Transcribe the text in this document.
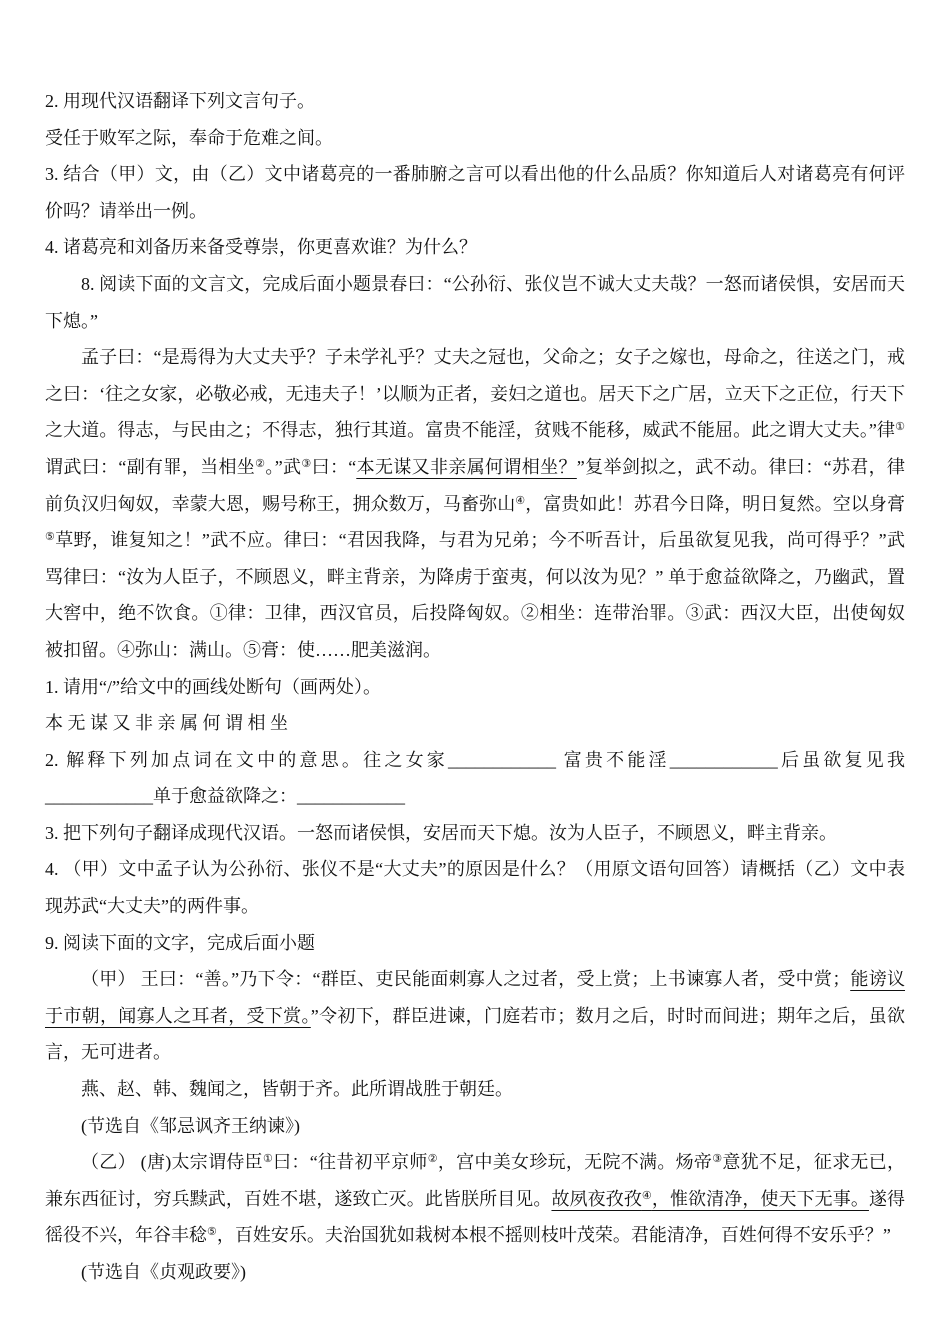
2. 用现代汉语翻译下列文言句子。

受任于败军之际，奉命于危难之间。

3. 结合（甲）文，由（乙）文中诸葛亮的一番肺腑之言可以看出他的什么品质？你知道后人对诸葛亮有何评价吗？请举出一例。

4. 诸葛亮和刘备历来备受尊崇，你更喜欢谁？为什么？

8. 阅读下面的文言文，完成后面小题景春曰：“公孙衍、张仪岂不诚大丈夫哉？一怒而诸侯惧，安居而天下熄。”

孟子曰：“是焉得为大丈夫乎？子未学礼乎？丈夫之冠也，父命之；女子之嫁也，母命之，往送之门，戒之曰：‘往之女家，必敬必戒，无违夫子！’以顺为正者，妾妇之道也。居天下之广居，立天下之正位，行天下之大道。得志，与民由之；不得志，独行其道。富贵不能淫，贫贱不能移，威武不能屈。此之谓大丈夫。”律①谓武曰：“副有罪，当相坐②。”武③曰：“本无谋又非亲属何谓相坐？”复举剑拟之，武不动。律曰：“苏君，律前负汉归匈奴，幸蒙大恩，赐号称王，拥众数万，马畜弥山④，富贵如此！苏君今日降，明日复然。空以身膏⑤草野，谁复知之！”武不应。律曰：“君因我降，与君为兄弟；今不听吾计，后虽欲复见我，尚可得乎？”武骂律曰：“汝为人臣子，不顾恩义，畔主背亲，为降虏于蛮夷，何以汝为见？” 单于愈益欲降之，乃幽武，置大窖中，绝不饮食。①律：卫律，西汉官员，后投降匈奴。②相坐：连带治罪。③武：西汉大臣，出使匈奴被扣留。④弥山：满山。⑤膏：使……肥美滋润。

1. 请用“/”给文中的画线处断句（画两处）。

本 无 谋 又 非 亲 属 何 谓 相 坐

2. 解释下列加点词在文中的意思。往之女家____________ 富贵不能淫____________后虽欲复见我____________单于愈益欲降之：____________

3. 把下列句子翻译成现代汉语。一怒而诸侯惧，安居而天下熄。汝为人臣子，不顾恩义，畔主背亲。

4. （甲）文中孟子认为公孙衍、张仪不是“大丈夫”的原因是什么？（用原文语句回答）请概括（乙）文中表现苏武“大丈夫”的两件事。

9. 阅读下面的文字，完成后面小题

（甲） 王曰：“善。”乃下令：“群臣、吏民能面刺寡人之过者，受上赏；上书谏寡人者，受中赏；能谤议于市朝，闻寡人之耳者，受下赏。”令初下，群臣进谏，门庭若市；数月之后，时时而间进；期年之后，虽欲言，无可进者。

燕、赵、韩、魏闻之，皆朝于齐。此所谓战胜于朝廷。

(节选自《邹忌讽齐王纳谏》)

（乙） (唐)太宗谓侍臣①曰：“往昔初平京师②，宫中美女珍玩，无院不满。炀帝③意犹不足，征求无已，兼东西征讨，穷兵黩武，百姓不堪，遂致亡灭。此皆朕所目见。故夙夜孜孜④，惟欲清净，使天下无事。遂得徭役不兴，年谷丰稔⑤，百姓安乐。夫治国犹如栽树本根不摇则枝叶茂荣。君能清净，百姓何得不安乐乎？”

(节选自《贞观政要》)
